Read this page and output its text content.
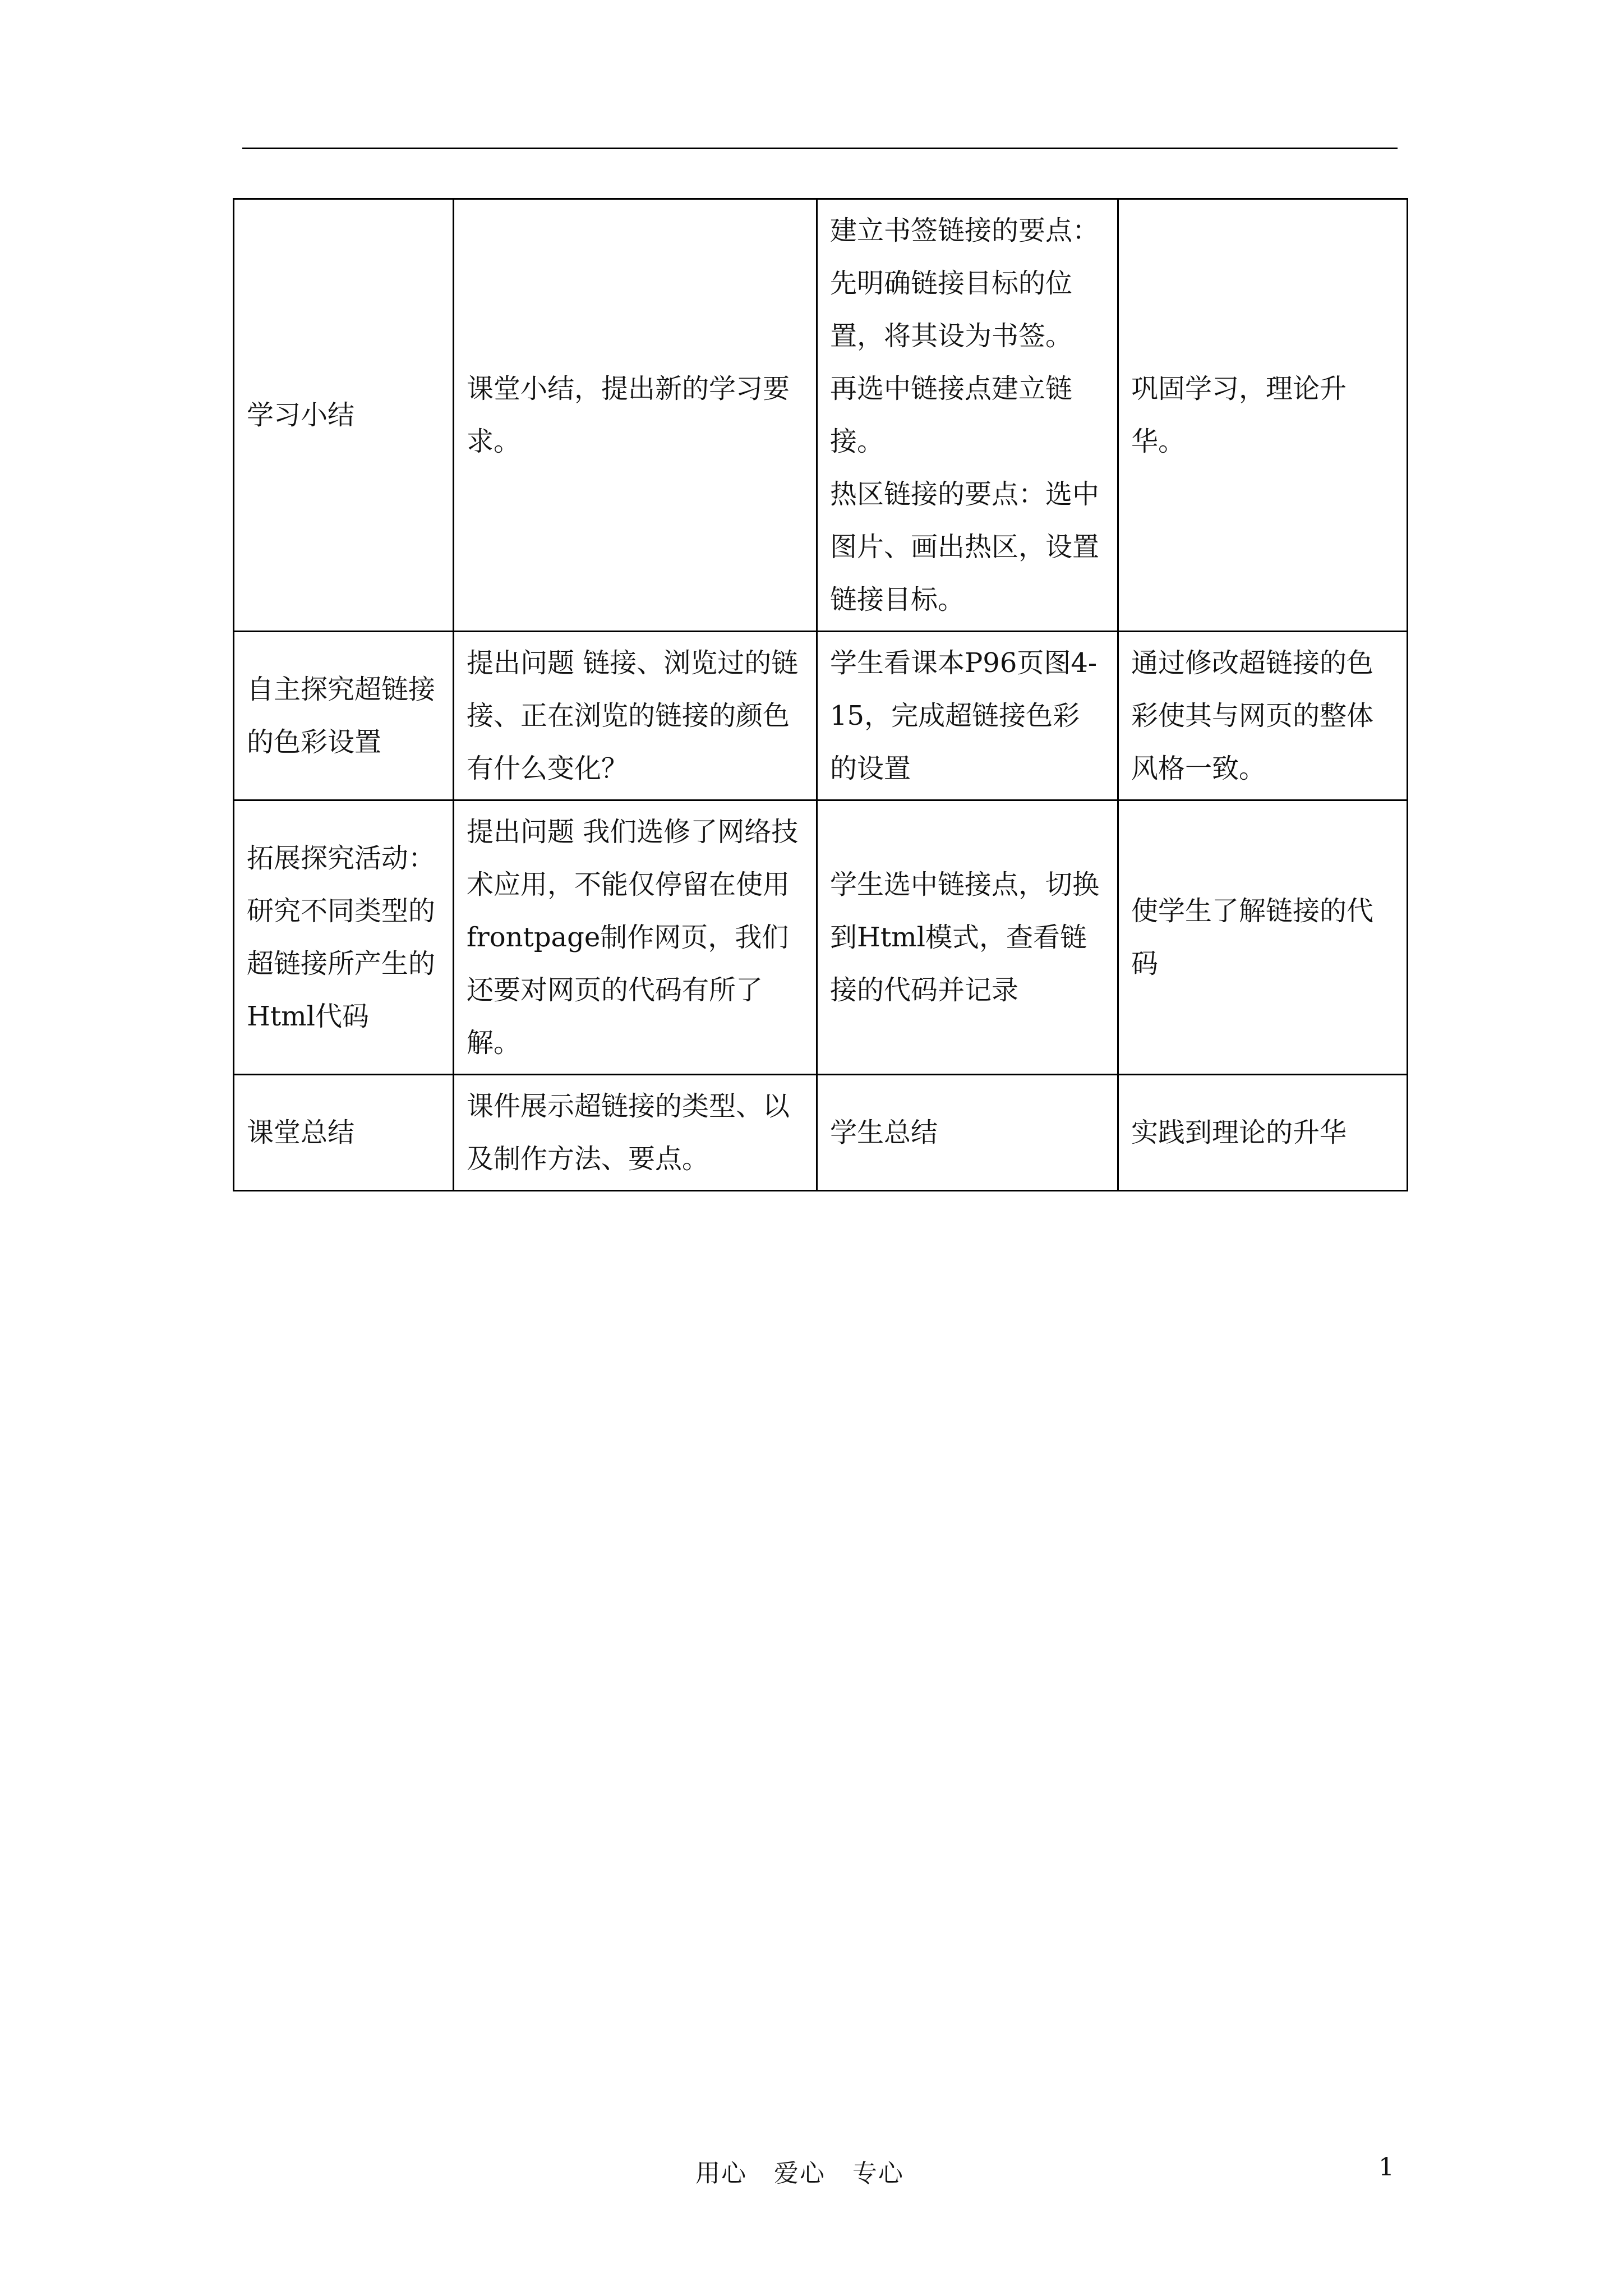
学习小结	课堂小结，提出新的学习要求。	建立书签链接的要点：
先明确链接目标的位置，将其设为书签。
再选中链接点建立链接。
热区链接的要点：选中图片、画出热区，设置链接目标。	巩固学习，理论升华。
自主探究超链接的色彩设置	提出问题 链接、浏览过的链接、正在浏览的链接的颜色有什么变化？	学生看课本P96页图4-15，完成超链接色彩的设置	通过修改超链接的色彩使其与网页的整体风格一致。
拓展探究活动：研究不同类型的超链接所产生的Html代码	提出问题 我们选修了网络技术应用，不能仅停留在使用 frontpage制作网页，我们还要对网页的代码有所了解。	学生选中链接点，切换到Html模式，查看链接的代码并记录	使学生了解链接的代码
课堂总结	课件展示超链接的类型、以及制作方法、要点。	学生总结	实践到理论的升华
用心   爱心   专心	1
